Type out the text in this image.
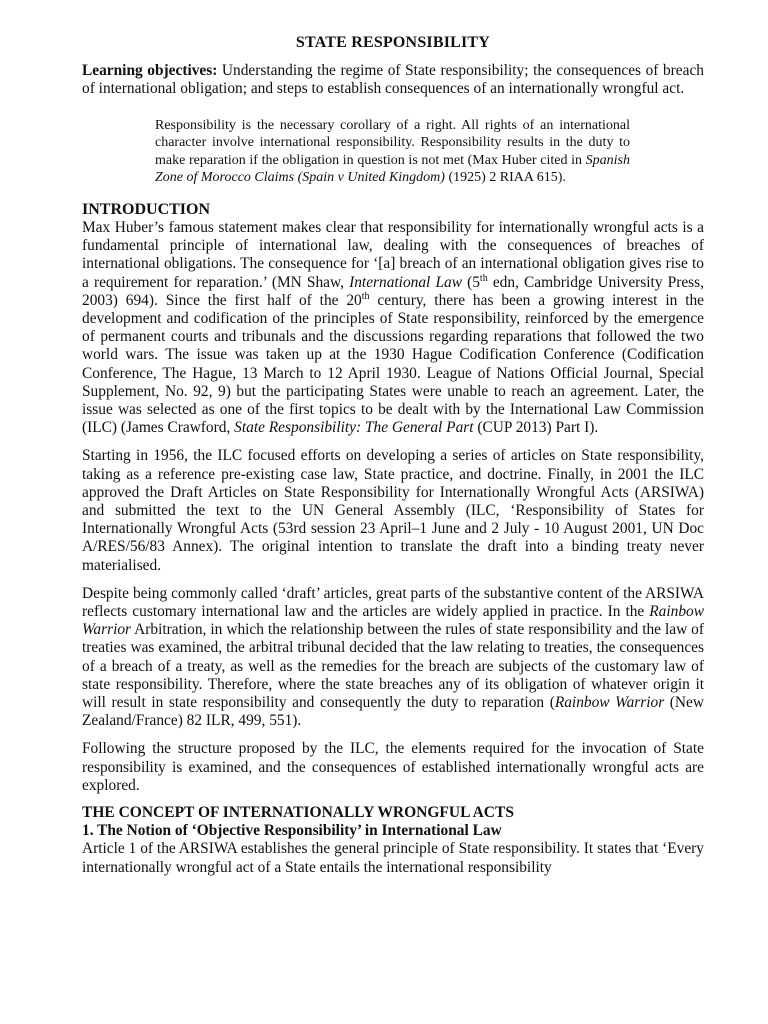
STATE RESPONSIBILITY

Learning objectives: Understanding the regime of State responsibility; the consequences of breach of international obligation; and steps to establish consequences of an internationally wrongful act.

Responsibility is the necessary corollary of a right. All rights of an international character involve international responsibility. Responsibility results in the duty to make reparation if the obligation in question is not met (Max Huber cited in Spanish Zone of Morocco Claims (Spain v United Kingdom) (1925) 2 RIAA 615).

INTRODUCTION

Max Huber’s famous statement makes clear that responsibility for internationally wrongful acts is a fundamental principle of international law, dealing with the consequences of breaches of international obligations. The consequence for ‘[a] breach of an international obligation gives rise to a requirement for reparation.’ (MN Shaw, International Law (5th edn, Cambridge University Press, 2003) 694). Since the first half of the 20th century, there has been a growing interest in the development and codification of the principles of State responsibility, reinforced by the emergence of permanent courts and tribunals and the discussions regarding reparations that followed the two world wars. The issue was taken up at the 1930 Hague Codification Conference (Codification Conference, The Hague, 13 March to 12 April 1930. League of Nations Official Journal, Special Supplement, No. 92, 9) but the participating States were unable to reach an agreement. Later, the issue was selected as one of the first topics to be dealt with by the International Law Commission (ILC) (James Crawford, State Responsibility: The General Part (CUP 2013) Part I).

Starting in 1956, the ILC focused efforts on developing a series of articles on State responsibility, taking as a reference pre-existing case law, State practice, and doctrine. Finally, in 2001 the ILC approved the Draft Articles on State Responsibility for Internationally Wrongful Acts (ARSIWA) and submitted the text to the UN General Assembly (ILC, ‘Responsibility of States for Internationally Wrongful Acts (53rd session 23 April–1 June and 2 July - 10 August 2001, UN Doc A/RES/56/83 Annex). The original intention to translate the draft into a binding treaty never materialised.

Despite being commonly called ‘draft’ articles, great parts of the substantive content of the ARSIWA reflects customary international law and the articles are widely applied in practice. In the Rainbow Warrior Arbitration, in which the relationship between the rules of state responsibility and the law of treaties was examined, the arbitral tribunal decided that the law relating to treaties, the consequences of a breach of a treaty, as well as the remedies for the breach are subjects of the customary law of state responsibility. Therefore, where the state breaches any of its obligation of whatever origin it will result in state responsibility and consequently the duty to reparation (Rainbow Warrior (New Zealand/France) 82 ILR, 499, 551).

Following the structure proposed by the ILC, the elements required for the invocation of State responsibility is examined, and the consequences of established internationally wrongful acts are explored.

THE CONCEPT OF INTERNATIONALLY WRONGFUL ACTS
1. The Notion of ‘Objective Responsibility’ in International Law

Article 1 of the ARSIWA establishes the general principle of State responsibility. It states that ‘Every internationally wrongful act of a State entails the international responsibility
